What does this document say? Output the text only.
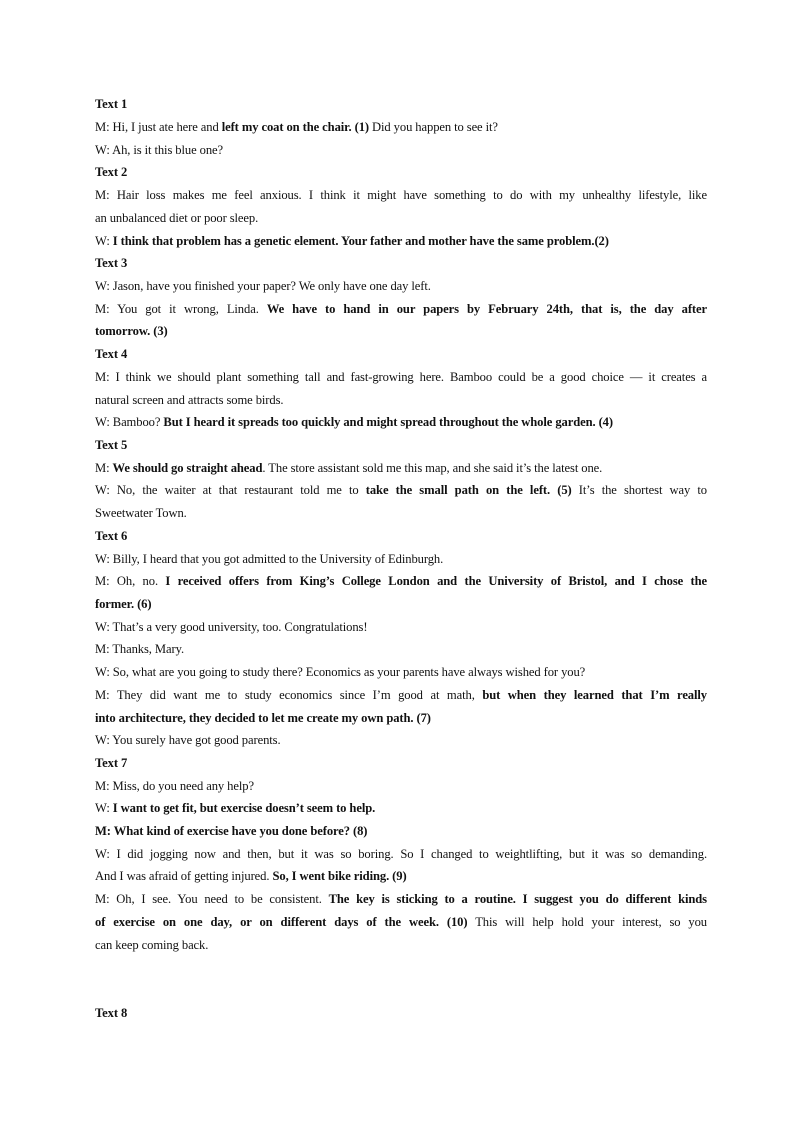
Text 1
M: Hi, I just ate here and left my coat on the chair. (1) Did you happen to see it?
W: Ah, is it this blue one?
Text 2
M: Hair loss makes me feel anxious. I think it might have something to do with my unhealthy lifestyle, like
an unbalanced diet or poor sleep.
W: I think that problem has a genetic element. Your father and mother have the same problem.(2)
Text 3
W: Jason, have you finished your paper? We only have one day left.
M: You got it wrong, Linda. We have to hand in our papers by February 24th, that is, the day after
tomorrow. (3)
Text 4
M: I think we should plant something tall and fast-growing here. Bamboo could be a good choice — it creates a
natural screen and attracts some birds.
W: Bamboo? But I heard it spreads too quickly and might spread throughout the whole garden. (4)
Text 5
M: We should go straight ahead. The store assistant sold me this map, and she said it’s the latest one.
W: No, the waiter at that restaurant told me to take the small path on the left. (5) It’s the shortest way to
Sweetwater Town.
Text 6
W: Billy, I heard that you got admitted to the University of Edinburgh.
M: Oh, no. I received offers from King’s College London and the University of Bristol, and I chose the
former. (6)
W: That’s a very good university, too. Congratulations!
M: Thanks, Mary.
W: So, what are you going to study there? Economics as your parents have always wished for you?
M: They did want me to study economics since I’m good at math, but when they learned that I’m really
into architecture, they decided to let me create my own path. (7)
W: You surely have got good parents.
Text 7
M: Miss, do you need any help?
W: I want to get fit, but exercise doesn’t seem to help.
M: What kind of exercise have you done before? (8)
W: I did jogging now and then, but it was so boring. So I changed to weightlifting, but it was so demanding.
And I was afraid of getting injured. So, I went bike riding. (9)
M: Oh, I see. You need to be consistent. The key is sticking to a routine. I suggest you do different kinds
of exercise on one day, or on different days of the week. (10) This will help hold your interest, so you
can keep coming back.
Text 8
